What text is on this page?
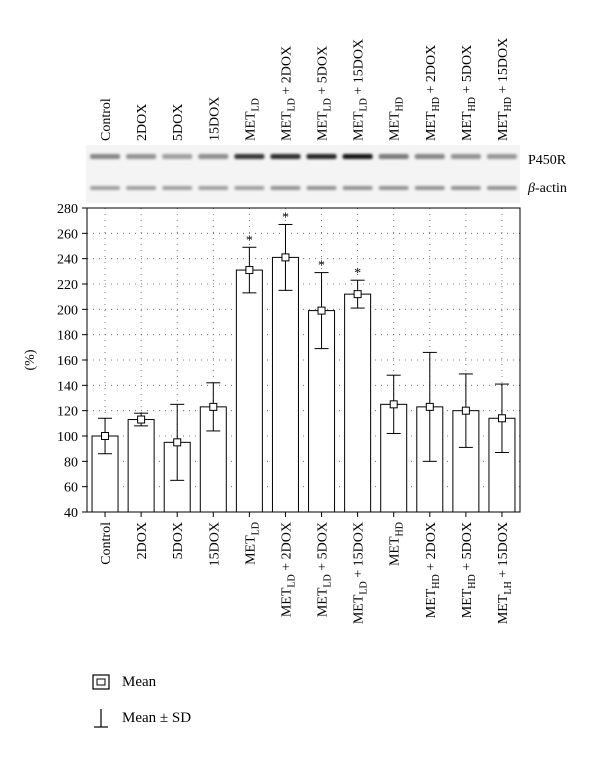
Control 2DOX 5DOX 15DOX $MET_{LD}$
$MET_{LD} + 2DOX$
$MET_{LD} + 5DOX$
$MET_{LD} + 15DOX$
$MET_{HD}$
$MET_{HD} + 2DOX$
$MET_{HD} + 5DOX$
$MET_{HD} + 15DOX$
P450R
β-actin
*
*
*
*
40
60
80
100
120
140
160
180
200
220
240
260
280
(%)
Control 2DOX 5DOX 15DOX $MET_{LD}$
$MET_{LD} + 2DOX$
$MET_{LD} + 5DOX$
$MET_{LD} + 15DOX$ $MET_{HD}$
$MET_{HD} + 2DOX$
$MET_{HD} + 5DOX$
$MET_{LH} + 15DOX$
Mean
Mean ± SD
